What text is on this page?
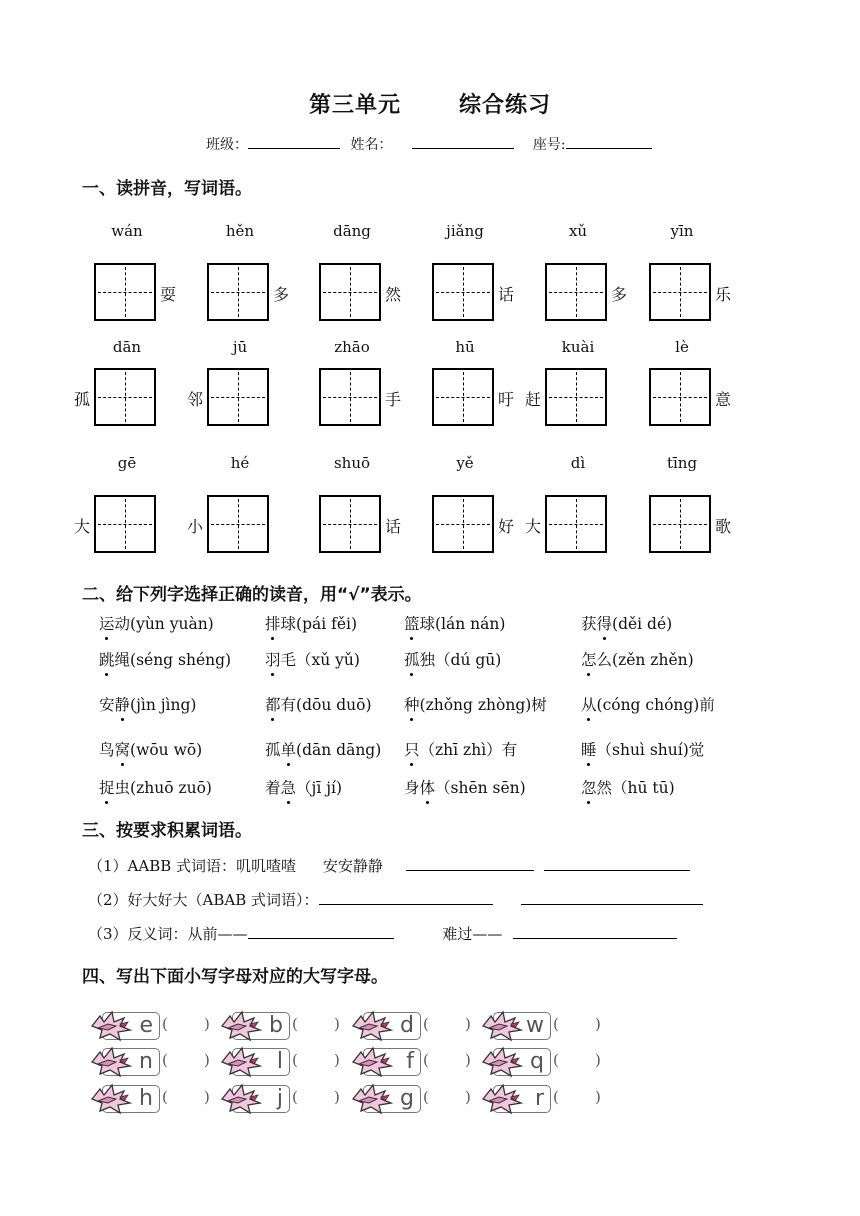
第三单元	综合练习
班级：	姓名：	座号:
一、读拼音，写词语。
wán
耍
hěn
多
dāng
然
jiǎng
话
xǔ
多
yīn
乐
dān
孤
jū
邻
zhāo
手
hū
吁
kuài
赶
lè
意
gē
大
hé
小
shuō
话
yě
好
dì
大
tīng
歌
二、给下列字选择正确的读音，用“√”表示。
运动(yùn yuàn)	排球(pái fěi)	篮球(lán nán)	获得(děi dé)
跳绳(séng shéng) 羽毛（xǔ yǔ)	孤独（dú gū)	怎么(zěn zhěn)
安静(jìn jìng)	都有(dōu duō) 种(zhǒng zhòng)树 从(cóng chóng)前
鸟窝(wōu wō)	孤单(dān dāng) 只（zhī zhì）有	睡（shuì shuí)觉
捉虫(zhuō zuō)	着急（jī jí)	身体（shēn sēn)	忽然（hū tū)
三、按要求积累词语。
（1）AABB 式词语：叽叽喳喳 安安静静
（2）好大好大（ABAB 式词语）：
（3）反义词：从前——	难过——
四、写出下面小写字母对应的大写字母。
e ( )	b ( )	d ( )	w ( )
n ( )	l ( )	f ( )	q ( )
h ( )	j ( )	g ( )	r ( )
